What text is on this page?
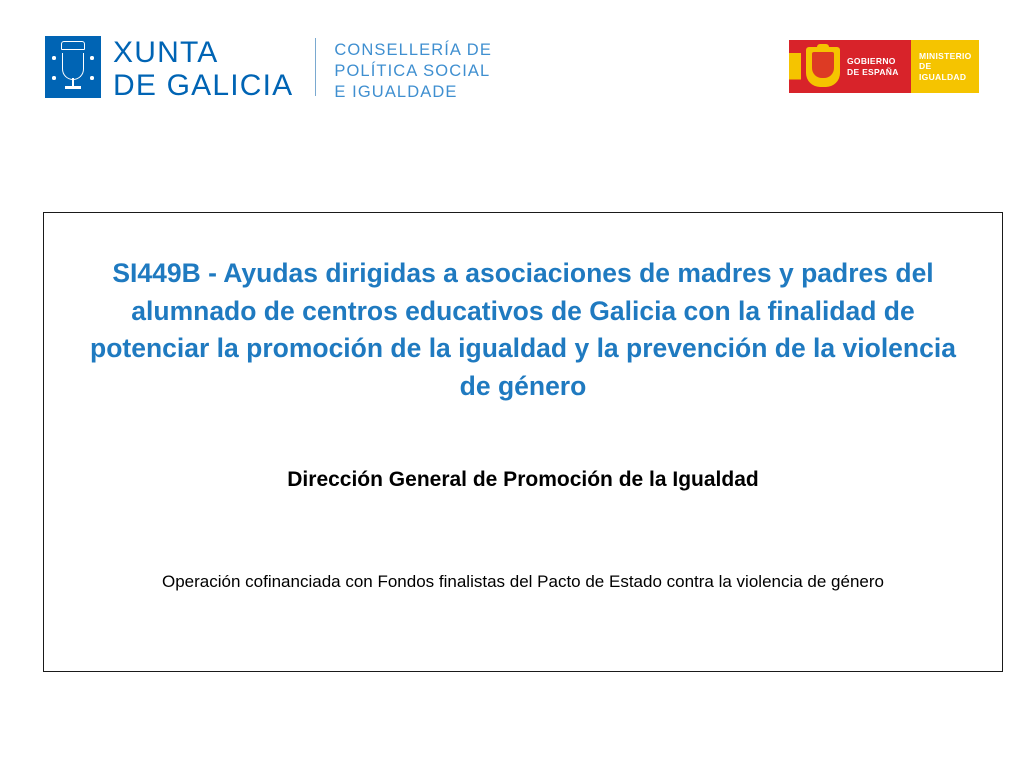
XUNTA
DE GALICIA
CONSELLERÍA DE
POLÍTICA SOCIAL
E IGUALDADE
GOBIERNO
DE ESPAÑA
MINISTERIO
DE IGUALDAD
SI449B - Ayudas dirigidas a asociaciones de madres y padres del alumnado de centros educativos de Galicia con la finalidad de potenciar la promoción de la igualdad y la prevención de la violencia de género
Dirección General de Promoción de la Igualdad
Operación cofinanciada con Fondos finalistas del Pacto de Estado contra la violencia de género
